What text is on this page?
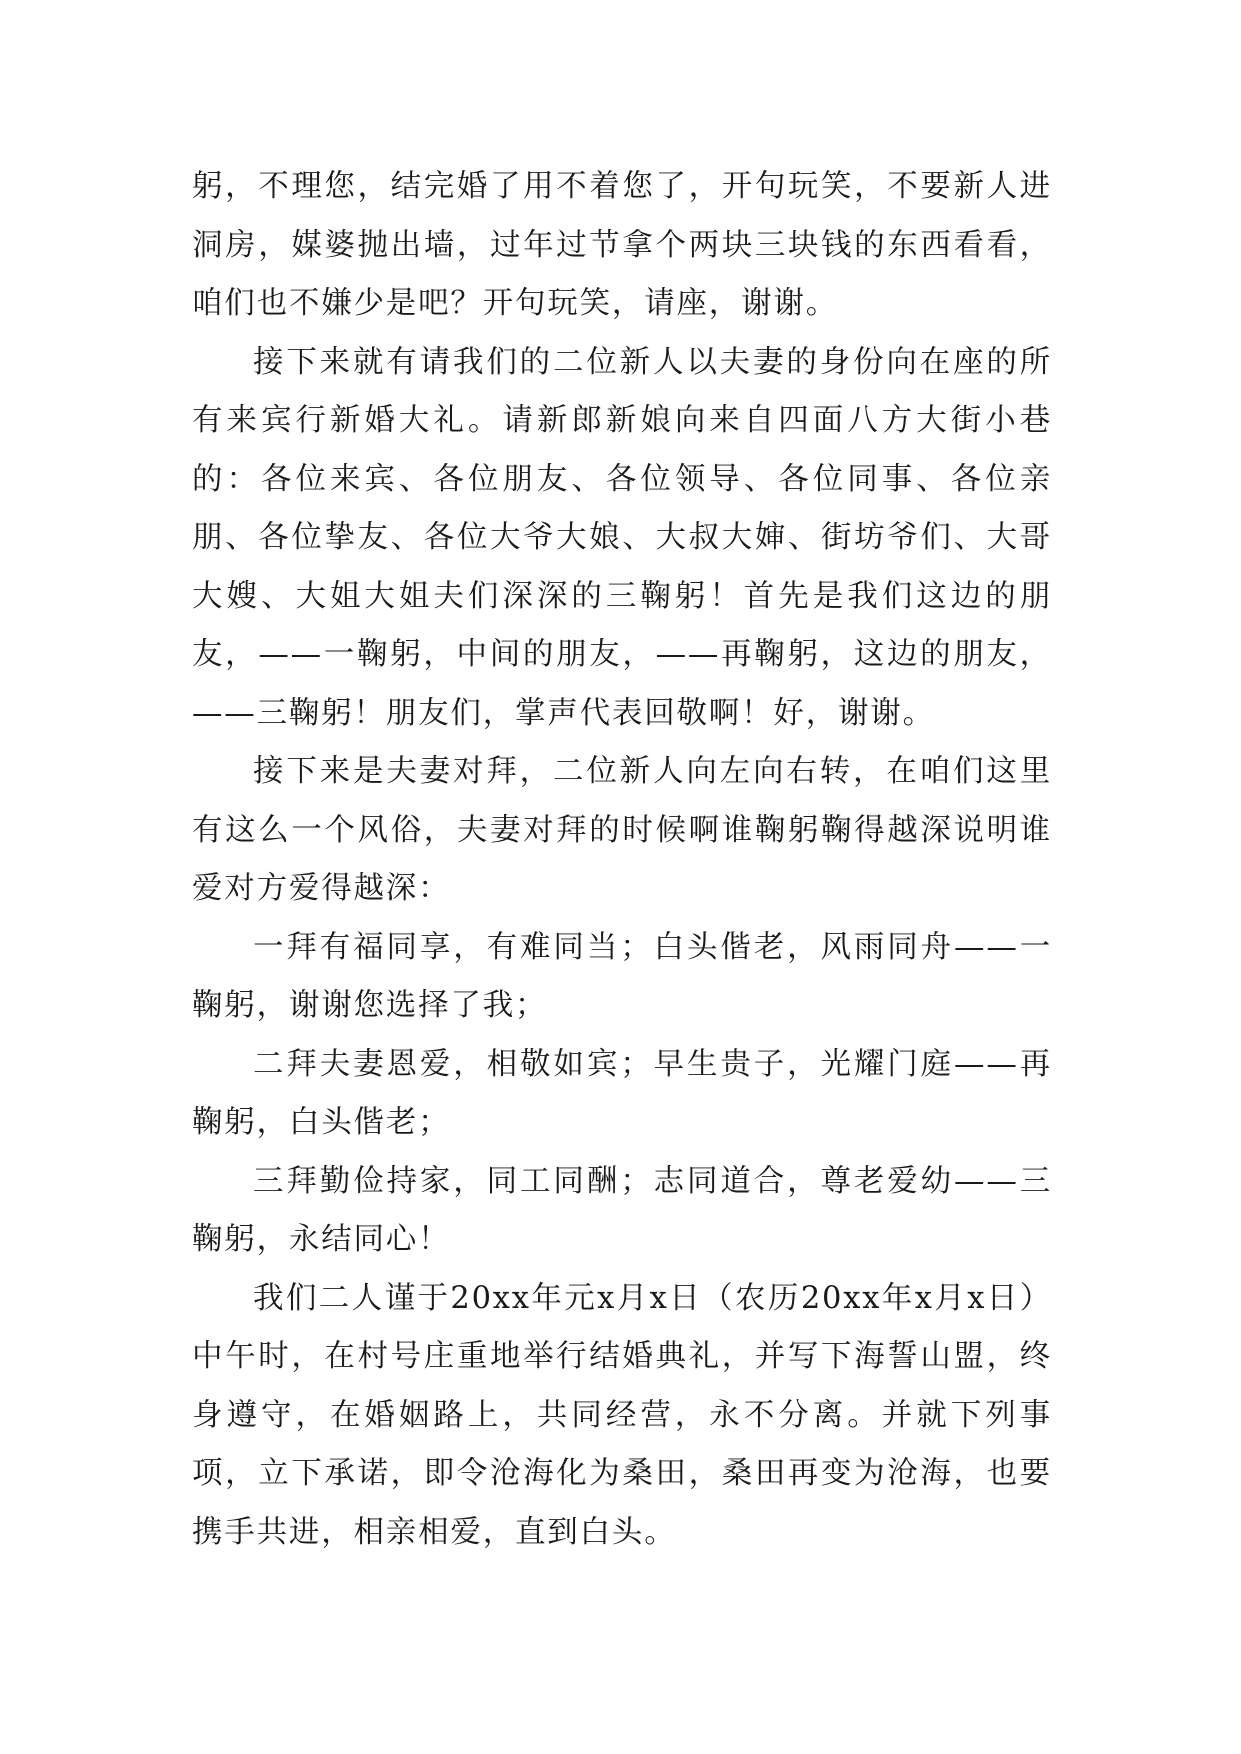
躬，不理您，结完婚了用不着您了，开句玩笑，不要新人进洞房，媒婆抛出墙，过年过节拿个两块三块钱的东西看看，咱们也不嫌少是吧？开句玩笑，请座，谢谢。

接下来就有请我们的二位新人以夫妻的身份向在座的所有来宾行新婚大礼。请新郎新娘向来自四面八方大街小巷的：各位来宾、各位朋友、各位领导、各位同事、各位亲朋、各位挚友、各位大爷大娘、大叔大婶、街坊爷们、大哥大嫂、大姐大姐夫们深深的三鞠躬！首先是我们这边的朋友，——一鞠躬，中间的朋友，——再鞠躬，这边的朋友，——三鞠躬！朋友们，掌声代表回敬啊！好，谢谢。

接下来是夫妻对拜，二位新人向左向右转，在咱们这里有这么一个风俗，夫妻对拜的时候啊谁鞠躬鞠得越深说明谁爱对方爱得越深：

一拜有福同享，有难同当；白头偕老，风雨同舟——一鞠躬，谢谢您选择了我；

二拜夫妻恩爱，相敬如宾；早生贵子，光耀门庭——再鞠躬，白头偕老；

三拜勤俭持家，同工同酬；志同道合，尊老爱幼——三鞠躬，永结同心！

我们二人谨于20xx年元x月x日（农历20xx年x月x日）中午时，在村号庄重地举行结婚典礼，并写下海誓山盟，终身遵守，在婚姻路上，共同经营，永不分离。并就下列事项，立下承诺，即令沧海化为桑田，桑田再变为沧海，也要携手共进，相亲相爱，直到白头。
